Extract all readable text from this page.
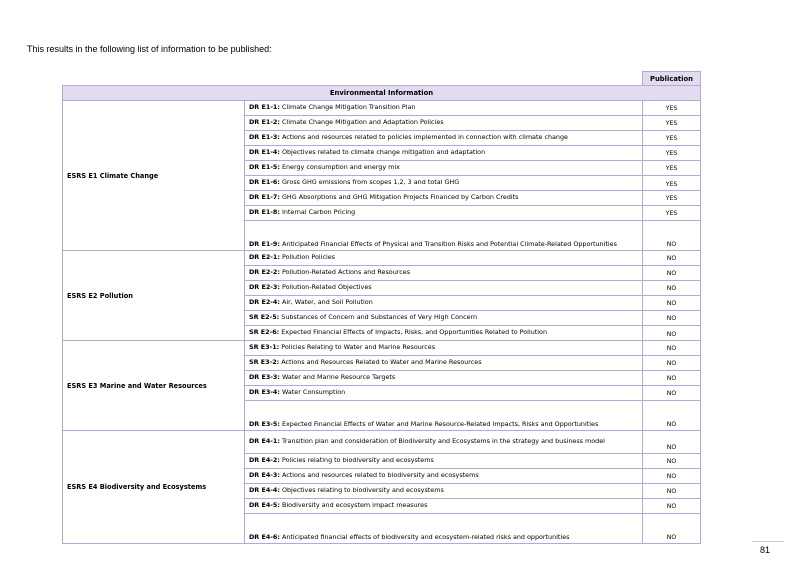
This results in the following list of information to be published:
		Publication
Environmental Information		
ESRS E1 Climate Change	DR E1-1: Climate Change Mitigation Transition Plan	YES
	DR E1-2: Climate Change Mitigation and Adaptation Policies	YES
	DR E1-3: Actions and resources related to policies implemented in connection with climate change	YES
	DR E1-4: Objectives related to climate change mitigation and adaptation	YES
	DR E1-5: Energy consumption and energy mix	YES
	DR E1-6: Gross GHG emissions from scopes 1,2, 3 and total GHG	YES
	DR E1-7: GHG Absorptions and GHG Mitigation Projects Financed by Carbon Credits	YES
	DR E1-8: Internal Carbon Pricing	YES
	DR E1-9: Anticipated Financial Effects of Physical and Transition Risks and Potential Climate-Related Opportunities	NO
ESRS E2 Pollution	DR E2-1: Pollution Policies	NO
	DR E2-2: Pollution-Related Actions and Resources	NO
	DR E2-3: Pollution-Related Objectives	NO
	DR E2-4: Air, Water, and Soil Pollution	NO
	SR E2-5: Substances of Concern and Substances of Very High Concern	NO
	SR E2-6: Expected Financial Effects of Impacts, Risks, and Opportunities Related to Pollution	NO
ESRS E3 Marine and Water Resources	SR E3-1: Policies Relating to Water and Marine Resources	NO
	SR E3-2: Actions and Resources Related to Water and Marine Resources	NO
	DR E3-3: Water and Marine Resource Targets	NO
	DR E3-4: Water Consumption	NO
	DR E3-5: Expected Financial Effects of Water and Marine Resource-Related Impacts, Risks and Opportunities	NO
ESRS E4 Biodiversity and Ecosystems	DR E4-1: Transition plan and consideration of Biodiversity and Ecosystems in the strategy and business model	NO
	DR E4-2: Policies relating to biodiversity and ecosystems	NO
	DR E4-3: Actions and resources related to biodiversity and ecosystems	NO
	DR E4-4: Objectives relating to biodiversity and ecosystems	NO
	DR E4-5: Biodiversity and ecosystem impact measures	NO
	DR E4-6: Anticipated financial effects of biodiversity and ecosystem-related risks and opportunities	NO
81
